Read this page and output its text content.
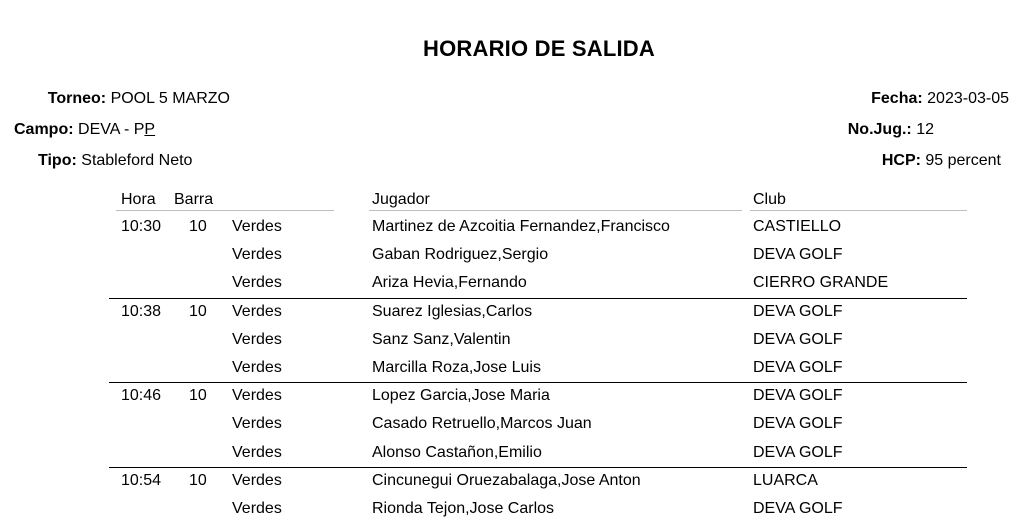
HORARIO DE SALIDA
Torneo: POOL 5 MARZO
Campo: DEVA - PP
Tipo: Stableford Neto
Fecha: 2023-03-05
No.Jug.: 12
HCP: 95 percent
Hora Barra	Jugador	Club
10:30 10 Verdes	Martinez de Azcoitia Fernandez,Francisco	CASTIELLO
Verdes	Gaban Rodriguez,Sergio	DEVA GOLF
Verdes	Ariza Hevia,Fernando	CIERRO GRANDE
10:38 10 Verdes	Suarez Iglesias,Carlos	DEVA GOLF
Verdes	Sanz Sanz,Valentin	DEVA GOLF
Verdes	Marcilla Roza,Jose Luis	DEVA GOLF
10:46 10 Verdes	Lopez Garcia,Jose Maria	DEVA GOLF
Verdes	Casado Retruello,Marcos Juan	DEVA GOLF
Verdes	Alonso Castañon,Emilio	DEVA GOLF
10:54 10 Verdes	Cincunegui Oruezabalaga,Jose Anton	LUARCA
Verdes	Rionda Tejon,Jose Carlos	DEVA GOLF
